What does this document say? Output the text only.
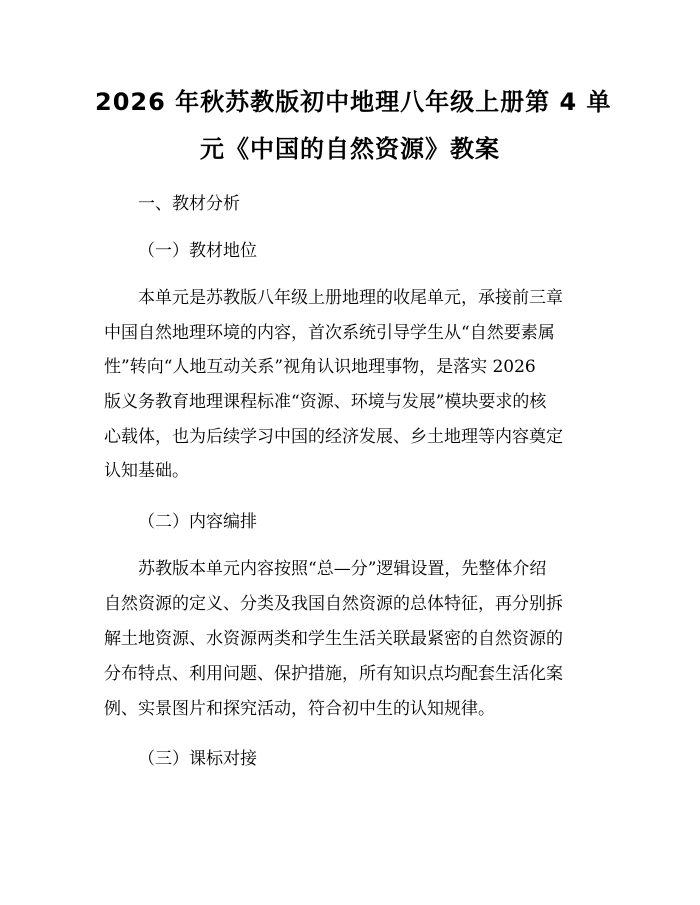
2026 年秋苏教版初中地理八年级上册第 4 单
元《中国的自然资源》教案
一、教材分析
（一）教材地位
本单元是苏教版八年级上册地理的收尾单元，承接前三章
中国自然地理环境的内容，首次系统引导学生从“自然要素属
性”转向“人地互动关系”视角认识地理事物，是落实 2026
版义务教育地理课程标准“资源、环境与发展”模块要求的核
心载体，也为后续学习中国的经济发展、乡土地理等内容奠定
认知基础。
（二）内容编排
苏教版本单元内容按照“总—分”逻辑设置，先整体介绍
自然资源的定义、分类及我国自然资源的总体特征，再分别拆
解土地资源、水资源两类和学生生活关联最紧密的自然资源的
分布特点、利用问题、保护措施，所有知识点均配套生活化案
例、实景图片和探究活动，符合初中生的认知规律。
（三）课标对接
